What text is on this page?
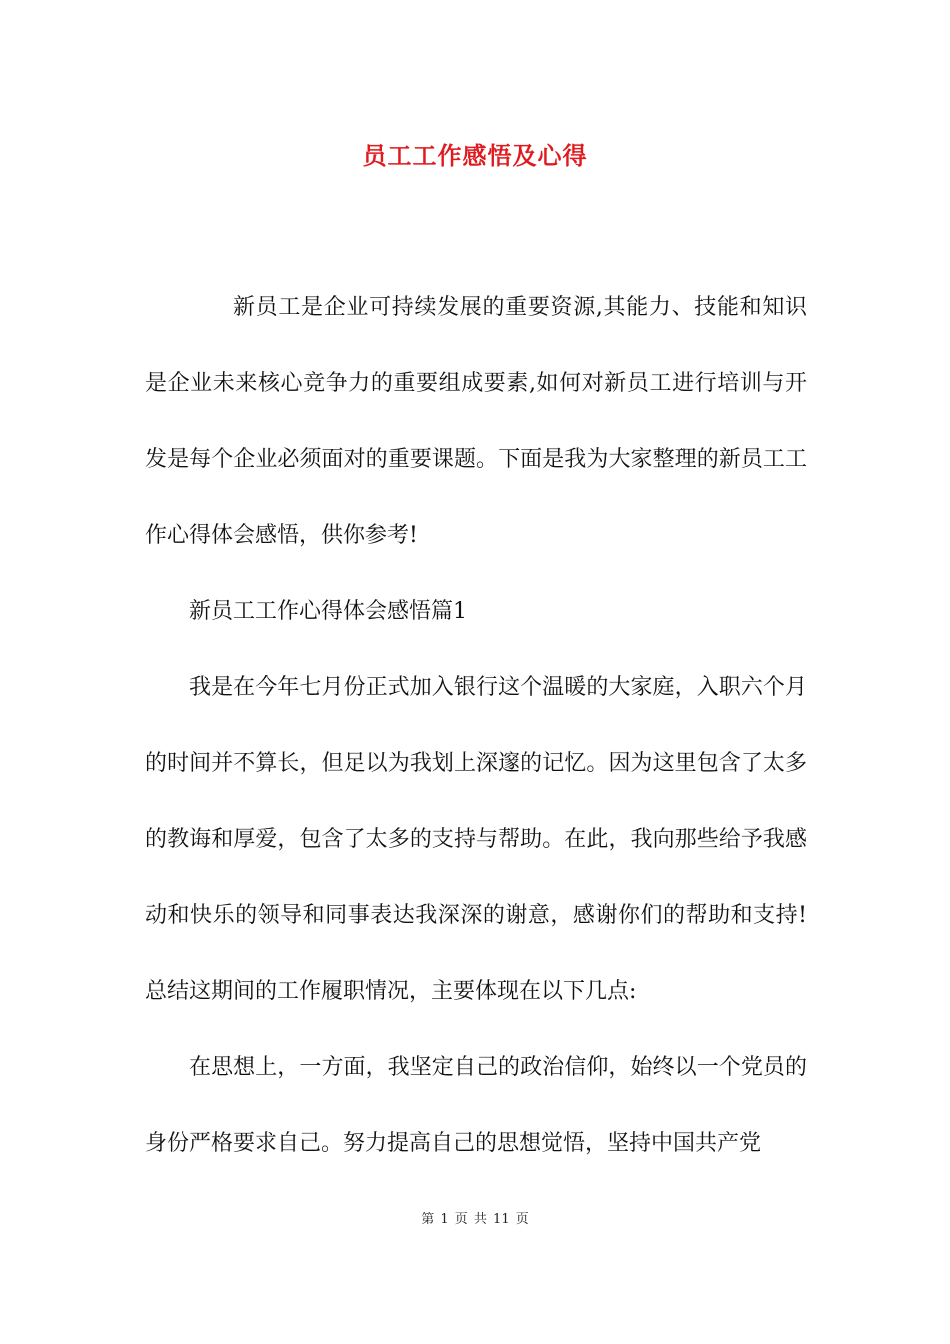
员工工作感悟及心得

新员工是企业可持续发展的重要资源,其能力、技能和知识是企业未来核心竞争力的重要组成要素,如何对新员工进行培训与开发是每个企业必须面对的重要课题。下面是我为大家整理的新员工工作心得体会感悟，供你参考!

新员工工作心得体会感悟篇1

我是在今年七月份正式加入银行这个温暖的大家庭，入职六个月的时间并不算长，但足以为我划上深邃的记忆。因为这里包含了太多的教诲和厚爱，包含了太多的支持与帮助。在此，我向那些给予我感动和快乐的领导和同事表达我深深的谢意，感谢你们的帮助和支持!总结这期间的工作履职情况，主要体现在以下几点:

在思想上，一方面，我坚定自己的政治信仰，始终以一个党员的身份严格要求自己。努力提高自己的思想觉悟，坚持中国共产党

第 1 页 共 11 页
